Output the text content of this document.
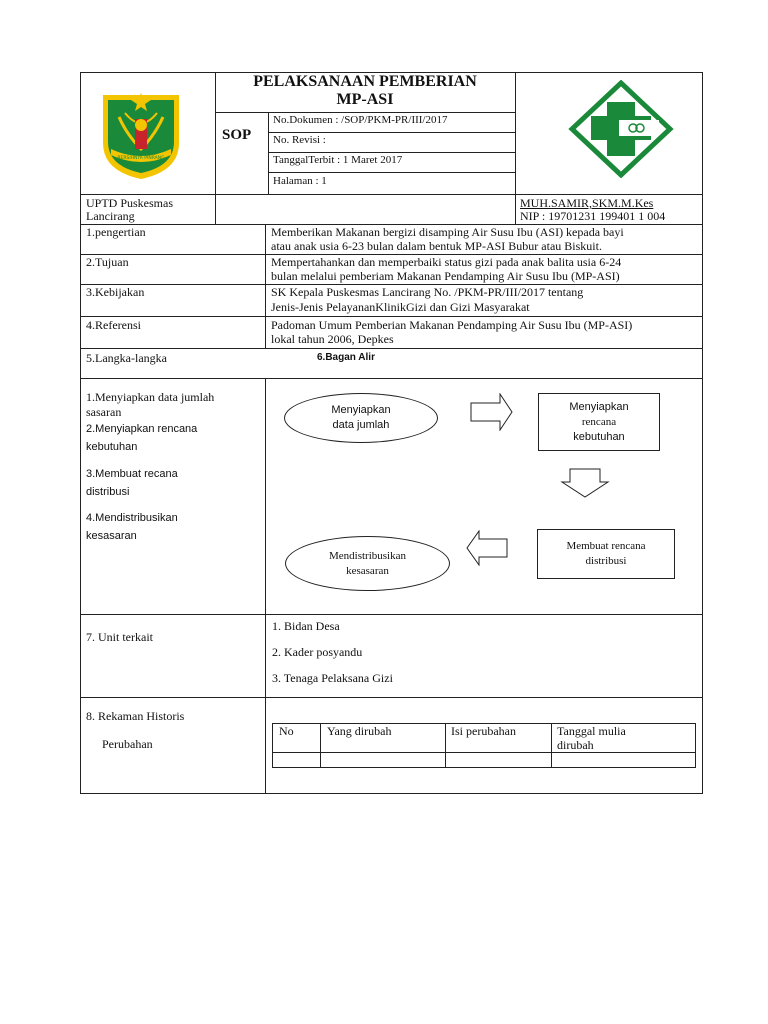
BERSIHNYA PINRANG
PELAKSANAAN PEMBERIAN
MP-ASI
SOP
No.Dokumen : /SOP/PKM-PR/III/2017
No. Revisi :
TanggalTerbit : 1 Maret 2017
Halaman : 1
UPTD Puskesmas
Lancirang
MUH.SAMIR,SKM.M.Kes
NIP : 19701231 199401 1 004
1.pengertian	Memberikan Makanan bergizi disamping Air Susu Ibu (ASI) kepada bayi
atau anak usia 6-23 bulan dalam bentuk MP-ASI Bubur atau Biskuit.
2.Tujuan	Mempertahankan dan memperbaiki status gizi pada anak balita usia 6-24
bulan melalui pemberiam Makanan Pendamping Air Susu Ibu (MP-ASI)
3.Kebijakan	SK Kepala Puskesmas Lancirang No. /PKM-PR/III/2017 tentang
Jenis-Jenis PelayananKlinikGizi dan Gizi Masyarakat
4.Referensi	Padoman Umum Pemberian Makanan Pendamping Air Susu Ibu (MP-ASI)
lokal tahun 2006, Depkes
5.Langka-langka	6.Bagan Alir
1.Menyiapkan data jumlah
sasaran
2.Menyiapkan rencana
kebutuhan
3.Membuat recana
distribusi
4.Mendistribusikan
kesasaran
Menyiapkan
data jumlah
Menyiapkan
rencana
kebutuhan
Membuat rencana
distribusi
Mendistribusikan
kesasaran
7. Unit terkait
1. Bidan Desa
2. Kader posyandu
3. Tenaga Pelaksana Gizi
8. Rekaman Historis
Perubahan
No	Yang dirubah	Isi perubahan	Tanggal mulia
dirubah
